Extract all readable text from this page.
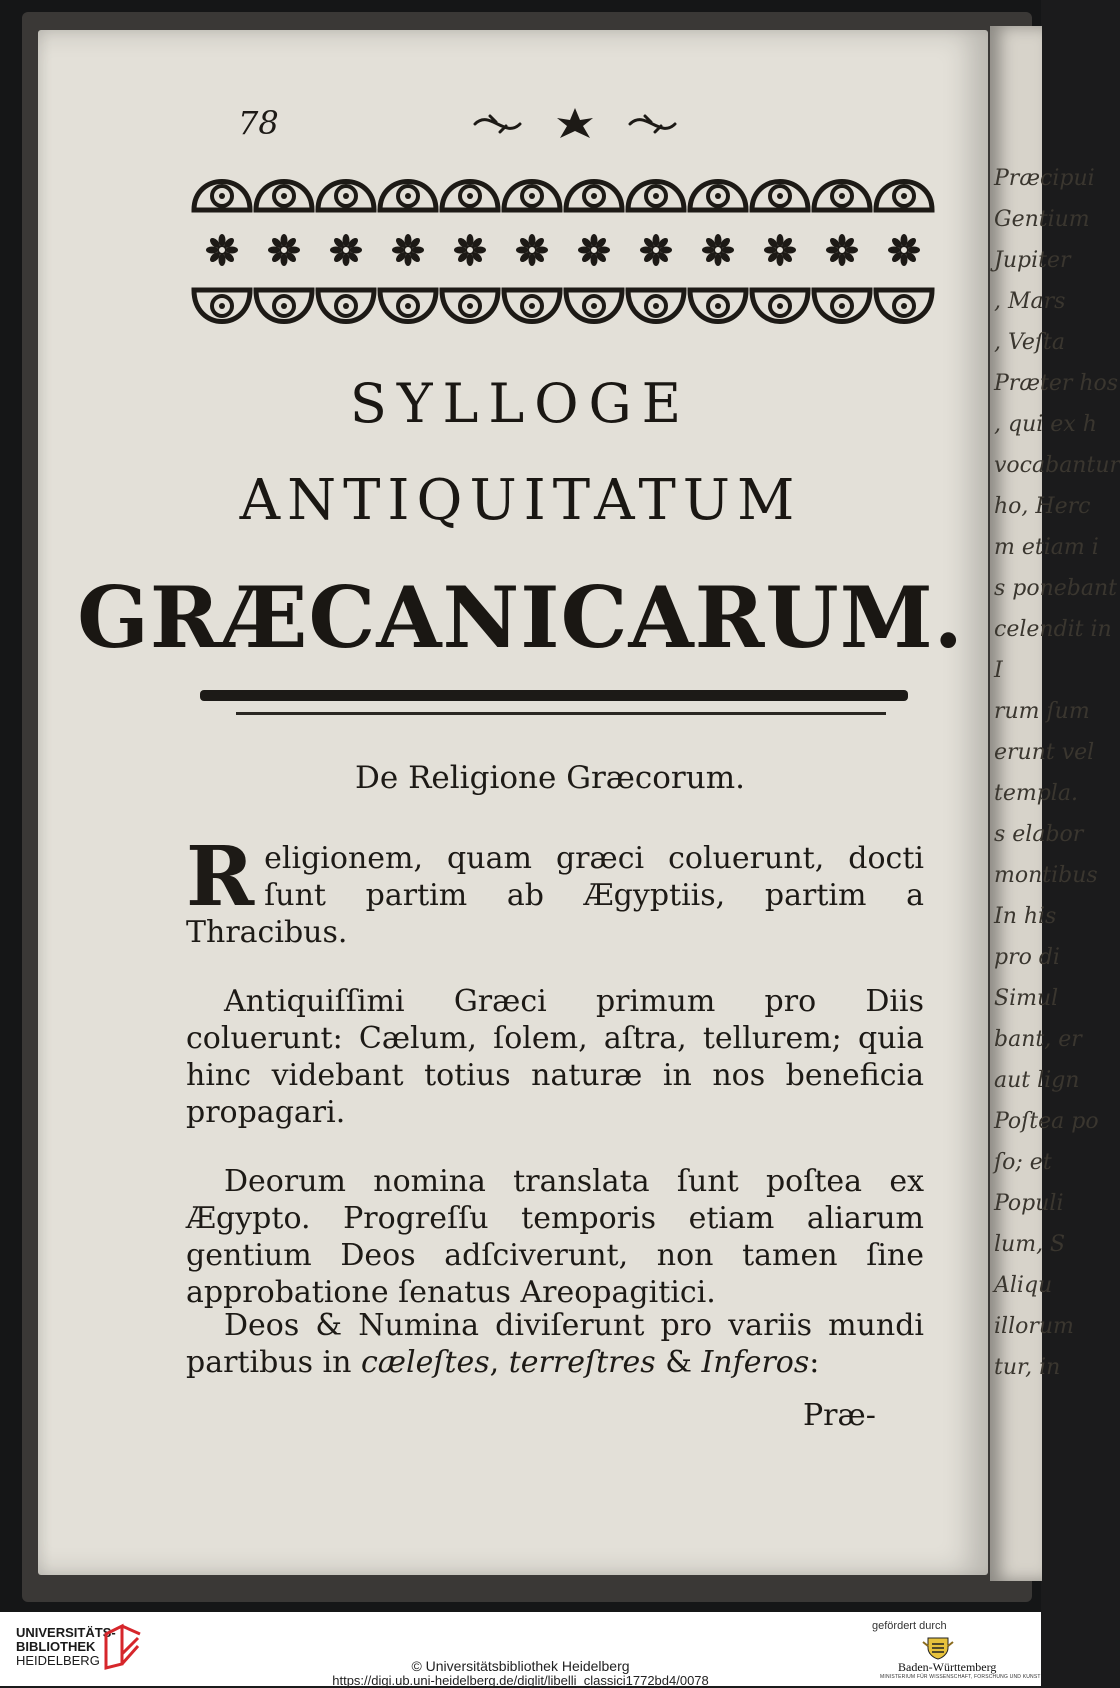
Præcipui
Gentium
Jupiter
, Mars
, Veſta
Præter hos
, qui ex h
vocabantur
ho, Herc
m etiam i
s ponebant
celendit in
I
rum ſum
erunt vel
templa.
s elabor
montibus
In his
pro di
Simul
bant, er
aut lign
Poſtea po
ſo; et
Populi
lum, S
Aliqu
illorum
tur, in
78
SYLLOGE
ANTIQUITATUM
GRÆCANICARUM.
De Religione Græcorum.
Religionem, quam græci coluerunt, docti ſunt partim ab Ægyptiis, partim a Thracibus.
Antiquiſſimi Græci primum pro Diis coluerunt: Cælum, ſolem, aſtra, tellurem; quia hinc videbant totius naturæ in nos beneficia propagari.
Deorum nomina translata ſunt poſtea ex Ægypto. Progreſſu temporis etiam aliarum gentium Deos adſciverunt, non tamen ſine approbatione ſenatus Areopagitici.
Deos & Numina diviſerunt pro variis mundi partibus in cæleſtes, terreſtres & Inferos:
Præ-
UNIVERSITÄTS-
BIBLIOTHEK
HEIDELBERG	© Universitätsbibliothek Heidelberg
https://digi.ub.uni-heidelberg.de/diglit/libelli_classici1772bd4/0078
gefördert durch
Baden-Württemberg
MINISTERIUM FÜR WISSENSCHAFT, FORSCHUNG UND KUNST
